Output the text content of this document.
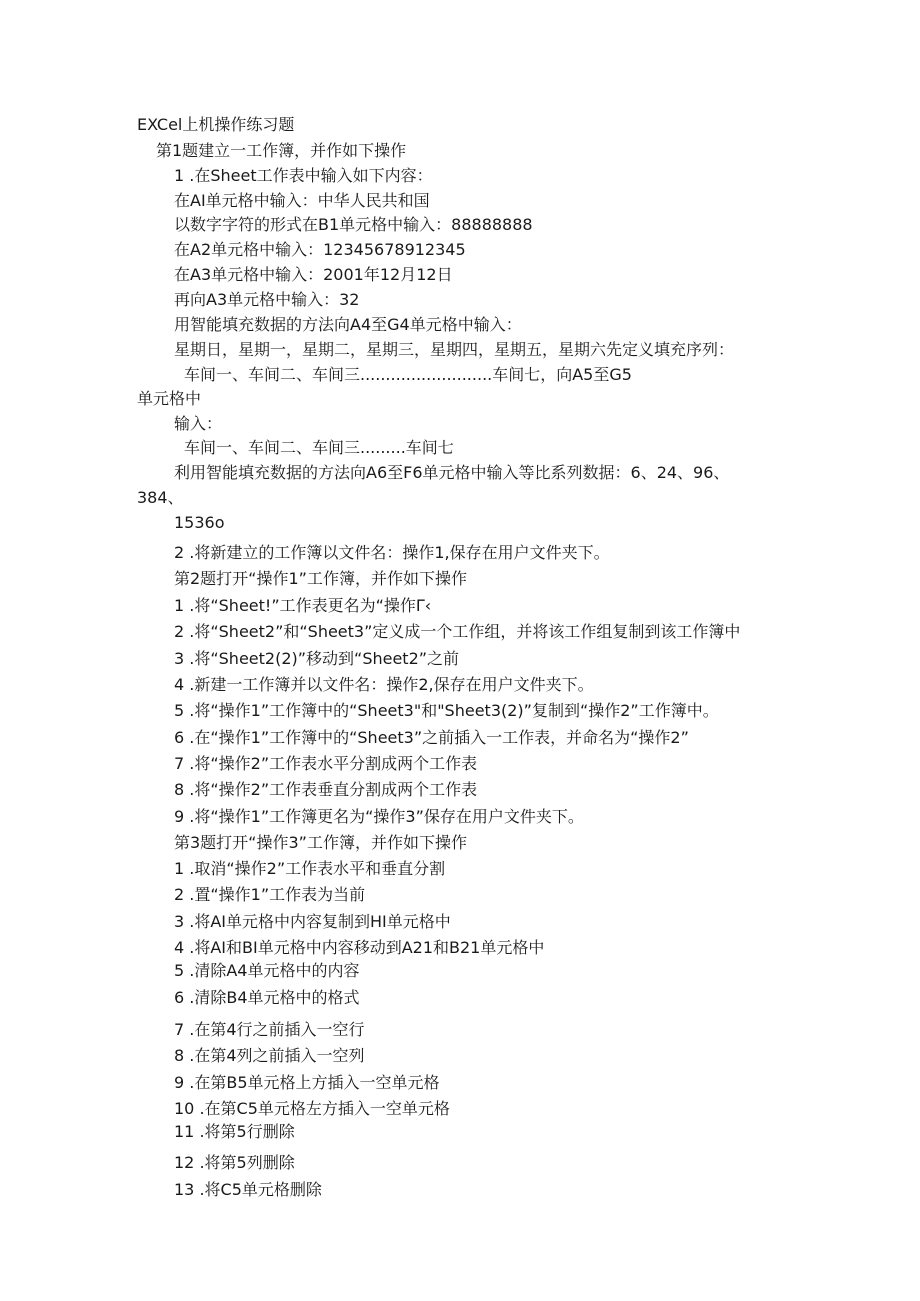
EXCel上机操作练习题
第1题建立一工作簿，并作如下操作
1 .在Sheet工作表中输入如下内容：
在AI单元格中输入：中华人民共和国
以数字字符的形式在B1单元格中输入：88888888
在A2单元格中输入：12345678912345
在A3单元格中输入：2001年12月12日
再向A3单元格中输入：32
用智能填充数据的方法向A4至G4单元格中输入：
星期日，星期一，星期二，星期三，星期四，星期五，星期六先定义填充序列：
车间一、车间二、车间三..........................车间七，向A5至G5
单元格中
输入：
车间一、车间二、车间三.........车间七
利用智能填充数据的方法向A6至F6单元格中输入等比系列数据：6、24、96、
384、
1536o
2 .将新建立的工作簿以文件名：操作1,保存在用户文件夹下。
第2题打开“操作1”工作簿，并作如下操作
1 .将“Sheet!”工作表更名为“操作Γ‹
2 .将“Sheet2”和“Sheet3”定义成一个工作组，并将该工作组复制到该工作簿中
3 .将“Sheet2(2)”移动到“Sheet2”之前
4 .新建一工作簿并以文件名：操作2,保存在用户文件夹下。
5 .将“操作1”工作簿中的“Sheet3"和"Sheet3(2)”复制到“操作2”工作簿中。
6 .在“操作1”工作簿中的“Sheet3”之前插入一工作表，并命名为“操作2”
7 .将“操作2”工作表水平分割成两个工作表
8 .将“操作2”工作表垂直分割成两个工作表
9 .将“操作1”工作簿更名为“操作3”保存在用户文件夹下。
第3题打开“操作3”工作簿，并作如下操作
1 .取消“操作2”工作表水平和垂直分割
2 .置“操作1”工作表为当前
3 .将AI单元格中内容复制到HI单元格中
4 .将AI和BI单元格中内容移动到A21和B21单元格中
5 .清除A4单元格中的内容
6 .清除B4单元格中的格式
7 .在第4行之前插入一空行
8 .在第4列之前插入一空列
9 .在第B5单元格上方插入一空单元格
10 .在第C5单元格左方插入一空单元格
11 .将第5行删除
12 .将第5列删除
13 .将C5单元格删除
